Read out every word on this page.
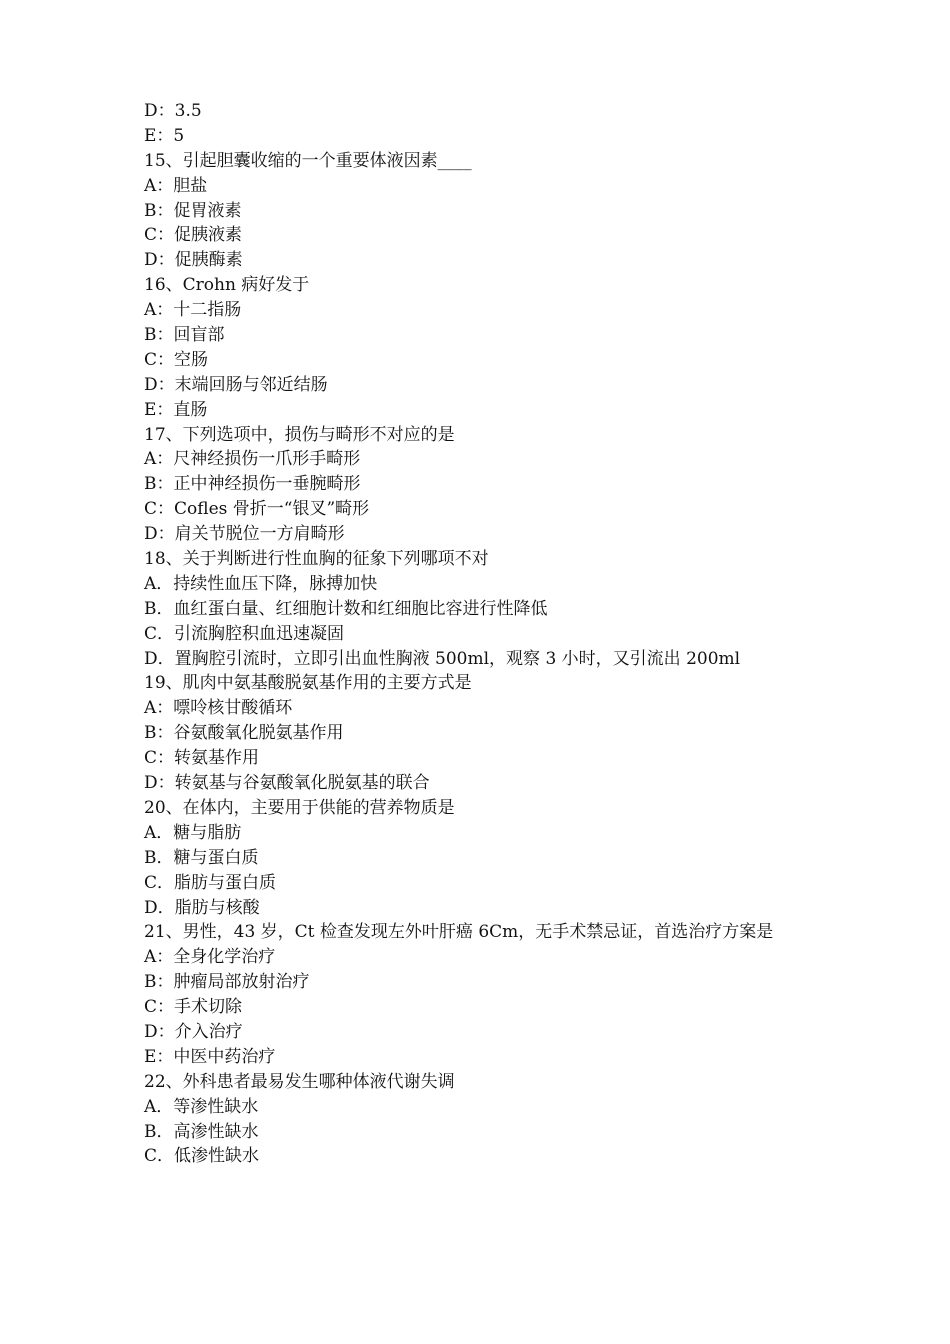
D：3.5
E：5
15、引起胆囊收缩的一个重要体液因素____
A：胆盐
B：促胃液素
C：促胰液素
D：促胰酶素
16、Crohn 病好发于
A：十二指肠
B：回盲部
C：空肠
D：末端回肠与邻近结肠
E：直肠
17、下列选项中，损伤与畸形不对应的是
A：尺神经损伤一爪形手畸形
B：正中神经损伤一垂腕畸形
C：Cofles 骨折一“银叉”畸形
D：肩关节脱位一方肩畸形
18、关于判断进行性血胸的征象下列哪项不对
A．持续性血压下降，脉搏加快
B．血红蛋白量、红细胞计数和红细胞比容进行性降低
C．引流胸腔积血迅速凝固
D．置胸腔引流时，立即引出血性胸液 500ml，观察 3 小时，又引流出 200ml
19、肌肉中氨基酸脱氨基作用的主要方式是
A：嘌呤核甘酸循环
B：谷氨酸氧化脱氨基作用
C：转氨基作用
D：转氨基与谷氨酸氧化脱氨基的联合
20、在体内，主要用于供能的营养物质是
A．糖与脂肪
B．糖与蛋白质
C．脂肪与蛋白质
D．脂肪与核酸
21、男性，43 岁，Ct 检查发现左外叶肝癌 6Cm，无手术禁忌证，首选治疗方案是
A：全身化学治疗
B：肿瘤局部放射治疗
C：手术切除
D：介入治疗
E：中医中药治疗
22、外科患者最易发生哪种体液代谢失调
A．等渗性缺水
B．高渗性缺水
C．低渗性缺水
